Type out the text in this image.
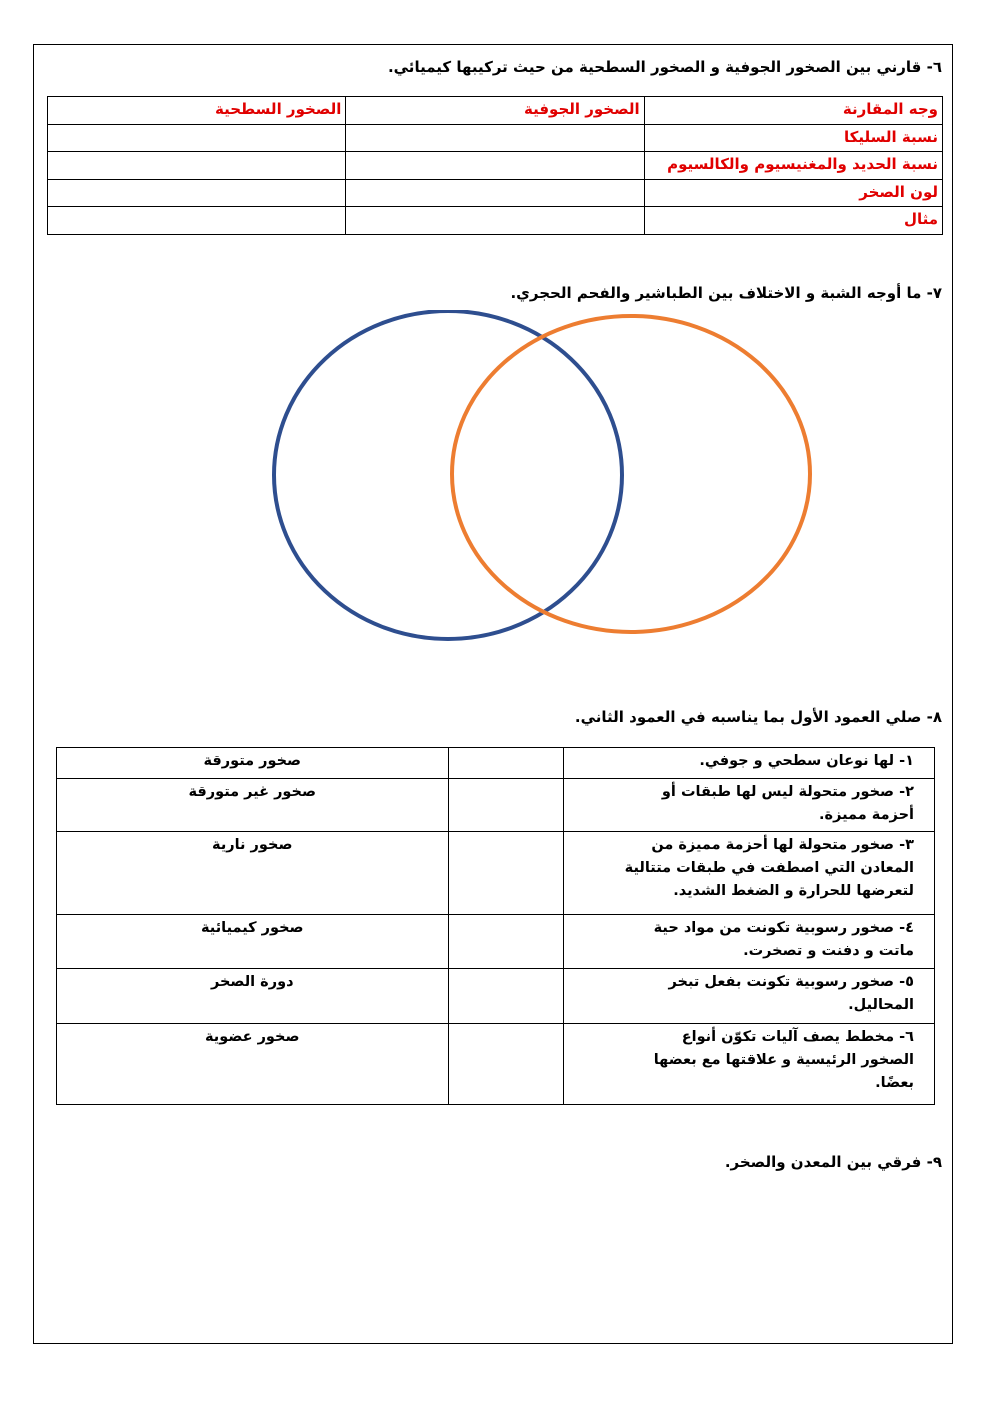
٦- قارني بين الصخور الجوفية و الصخور السطحية من حيث تركيبها كيميائي.
وجه المقارنة	الصخور الجوفية	الصخور السطحية
نسبة السليكا		
نسبة الحديد والمغنيسيوم والكالسيوم		
لون الصخر		
مثال		
٧- ما أوجه الشبة و الاختلاف بين الطباشير والفحم الحجري.
٨- صلي العمود الأول بما يناسبه في العمود الثاني.
١- لها نوعان سطحي و جوفي.		صخور متورقة
٢- صخور متحولة ليس لها طبقات أو أحزمة مميزة.		صخور غير متورقة
٣- صخور متحولة لها أحزمة مميزة من المعادن التي اصطفت في طبقات متتالية لتعرضها للحرارة و الضغط الشديد.		صخور نارية
٤- صخور رسوبية تكونت من مواد حية ماتت و دفنت و تصخرت.		صخور كيميائية
٥- صخور رسوبية تكونت بفعل تبخر المحاليل.		دورة الصخر
٦- مخطط يصف آليات تكوّن أنواع الصخور الرئيسية و علاقتها مع بعضها بعضًا.		صخور عضوية
٩- فرقي بين المعدن والصخر.
